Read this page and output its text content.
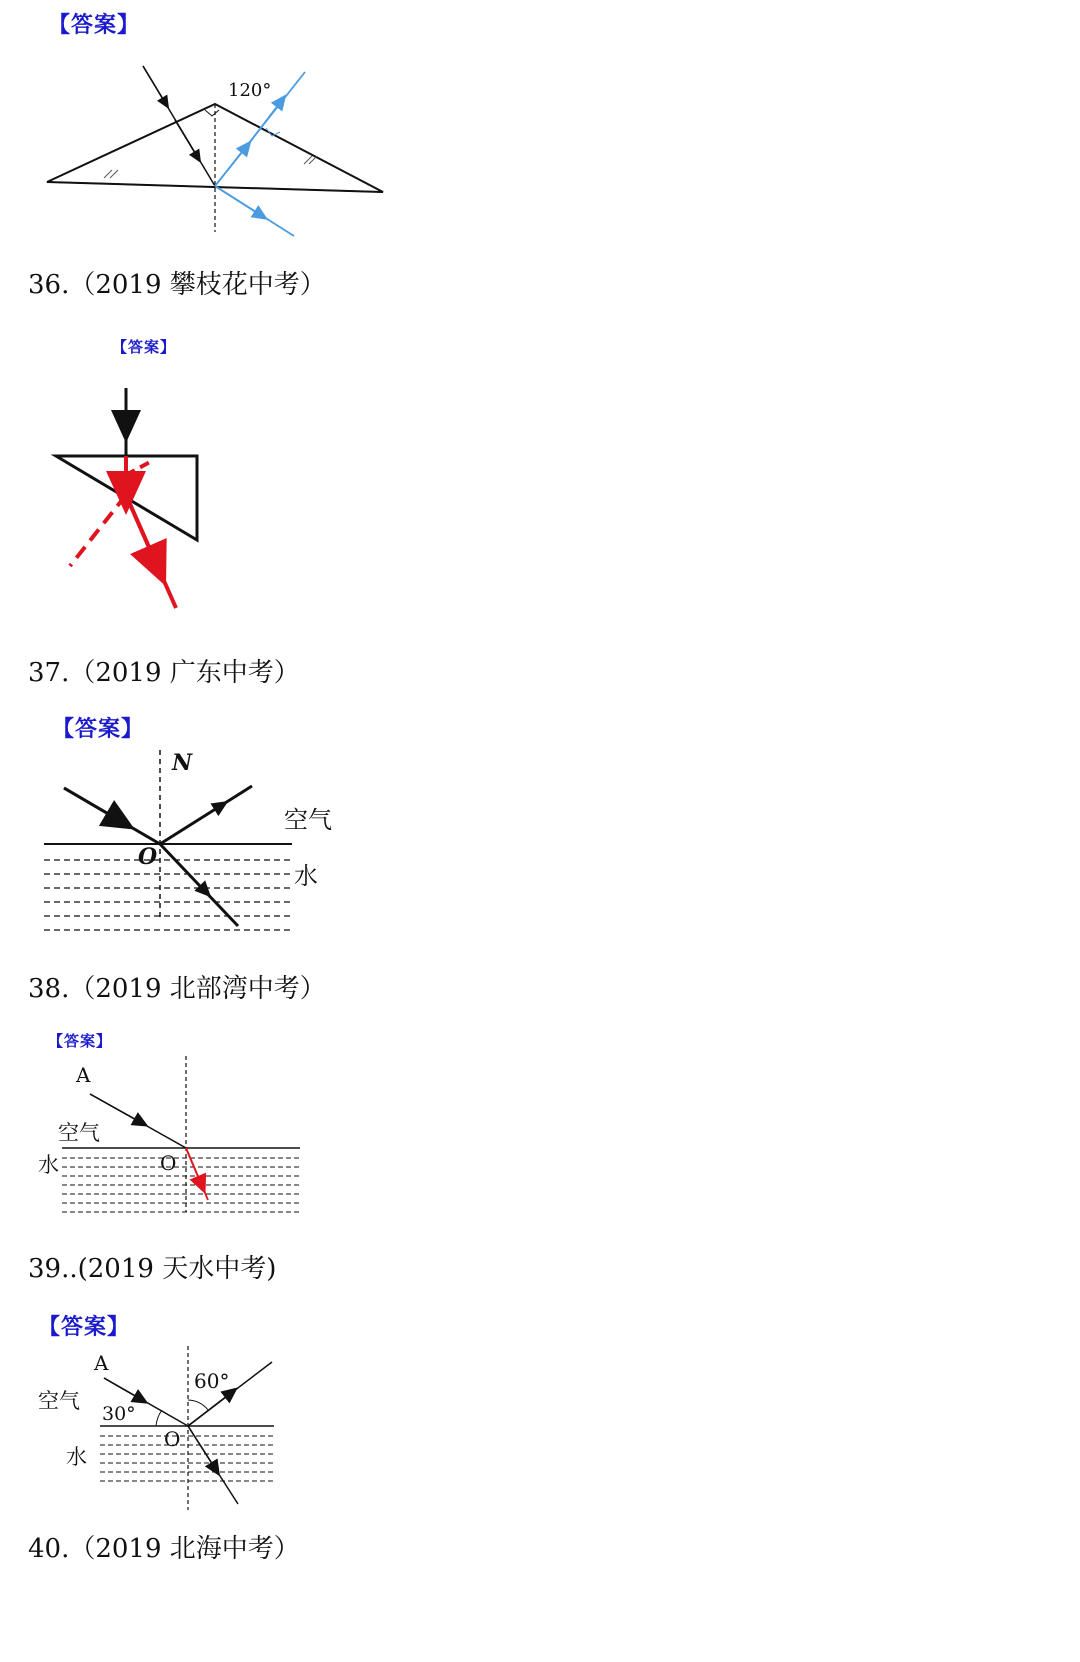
【答案】
120°
36.（2019 攀枝花中考）
【答案】
37.（2019 广东中考）
【答案】
N
O
空气
水
38.（2019 北部湾中考）
【答案】
A
空气
水	O
39..(2019 天水中考)
【答案】
A
30°
60°
空气
水
O
40.（2019 北海中考）
